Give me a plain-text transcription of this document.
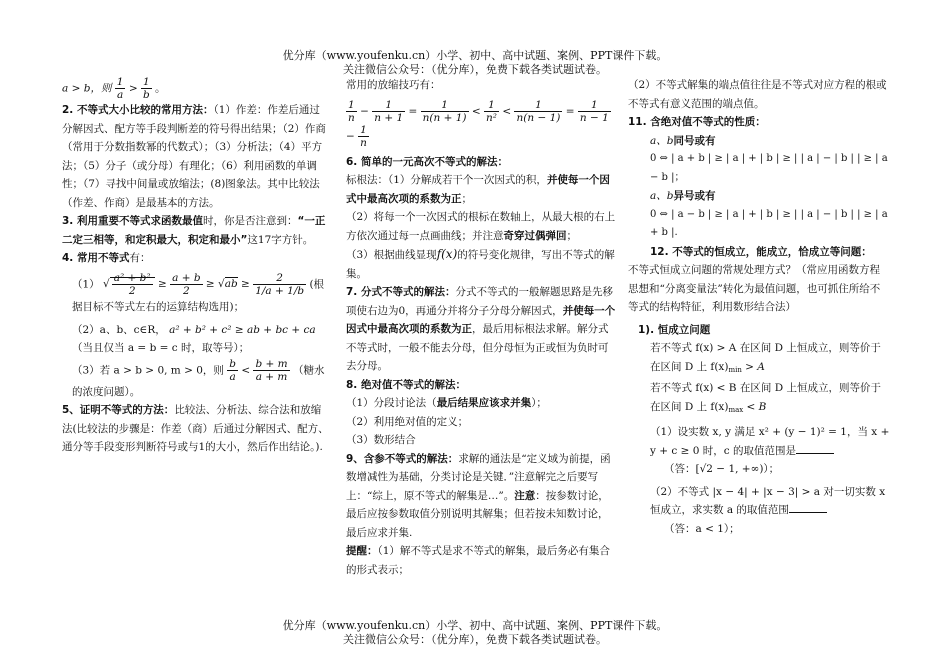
优分库（www.youfenku.cn）小学、初中、高中试题、案例、PPT课件下载。
关注微信公众号：（优分库），免费下载各类试题试卷。

a > b，则 $\frac{1}{a} > \frac{1}{b}$ 。

2. 不等式大小比较的常用方法：（1）作差：作差后通过分解因式、配方等手段判断差的符号得出结果；（2）作商（常用于分数指数幂的代数式）；（3）分析法；（4）平方法；（5）分子（或分母）有理化；（6）利用函数的单调性；（7）寻找中间量或放缩法；(8)图象法。其中比较法（作差、作商）是最基本的方法。

3. 利用重要不等式求函数最值时，你是否注意到：“一正二定三相等，和定积最大，积定和最小”这17字方针。

4. 常用不等式有：

（1） √ $\frac{\text{a² + b²}}{2} \ge \frac{a + b}{2} \ge √ab \ge \frac{2}{1/a + 1/b}$ (根据目标不等式左右的运算结构选用)；

（2）a、b、c∈R， a² + b² + c² ≥ ab + bc + ca

（当且仅当 a = b = c 时，取等号）；

（3）若 a > b > 0, m > 0，则 $\frac{b}{a} < \frac{b + m}{a + m}$ （糖水的浓度问题）。

5、证明不等式的方法：比较法、分析法、综合法和放缩法(比较法的步骤是：作差（商）后通过分解因式、配方、通分等手段变形判断符号或与1的大小，然后作出结论。).

常用的放缩技巧有：

$\frac{1}{n} - \frac{1}{n + 1} = \frac{1}{n(n + 1)} < \frac{1}{\text{n²}} < \frac{1}{n(n - 1)} = \frac{1}{n - 1}$
− $\frac{1}{n}$

6. 简单的一元高次不等式的解法：

标根法：（1）分解成若干个一次因式的积，并使每一个因式中最高次项的系数为正；

（2）将每一个一次因式的根标在数轴上，从最大根的右上方依次通过每一点画曲线；并注意奇穿过偶弹回；

（3）根据曲线显现f(x)的符号变化规律，写出不等式的解集。

7. 分式不等式的解法：分式不等式的一般解题思路是先移项使右边为0，再通分并将分子分母分解因式，并使每一个因式中最高次项的系数为正，最后用标根法求解。解分式不等式时，一般不能去分母，但分母恒为正或恒为负时可去分母。

8. 绝对值不等式的解法：

（1）分段讨论法（最后结果应该求并集）；

（2）利用绝对值的定义；

（3）数形结合

9、含参不等式的解法：求解的通法是“定义域为前提，函数增减性为基础，分类讨论是关键．”注意解完之后要写上：“综上，原不等式的解集是…”。注意：按参数讨论，最后应按参数取值分别说明其解集；但若按未知数讨论，最后应求并集.

提醒：（1）解不等式是求不等式的解集，最后务必有集合的形式表示；

（2）不等式解集的端点值往往是不等式对应方程的根或不等式有意义范围的端点值。

11. 含绝对值不等式的性质：

a、b同号或有

0 ⇔ | a + b | ≥ | a | + | b | ≥ | | a | − | b | | ≥ | a − b |；

a、b异号或有

0 ⇔ | a − b | ≥ | a | + | b | ≥ | | a | − | b | | ≥ | a + b |.

12. 不等式的恒成立，能成立，恰成立等问题：

不等式恒成立问题的常规处理方式？（常应用函数方程思想和“分离变量法”转化为最值问题，也可抓住所给不等式的结构特征，利用数形结合法）

1). 恒成立问题

若不等式 f(x) > A 在区间 D 上恒成立，则等价于在区间 D 上 $f(x)_{min} > A$

若不等式 f(x) < B 在区间 D 上恒成立，则等价于在区间 D 上 $f(x)_{max} < B$

（1）设实数 x, y 满足 x² + (y − 1)² = 1，当 x + y + c ≥ 0 时，c 的取值范围是

（答：[√2 − 1, +∞)）；

（2）不等式 |x − 4| + |x − 3| > a 对一切实数 x 恒成立，求实数 a 的取值范围

（答：a < 1）；

优分库（www.youfenku.cn）小学、初中、高中试题、案例、PPT课件下载。
关注微信公众号：（优分库），免费下载各类试题试卷。
